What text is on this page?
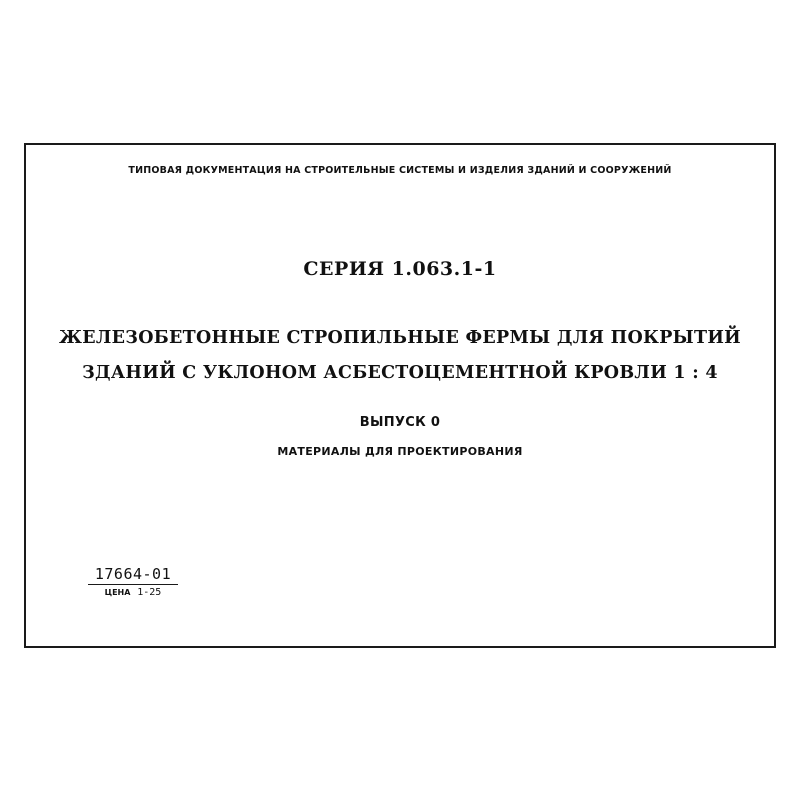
ТИПОВАЯ ДОКУМЕНТАЦИЯ НА СТРОИТЕЛЬНЫЕ СИСТЕМЫ И ИЗДЕЛИЯ ЗДАНИЙ И СООРУЖЕНИЙ
СЕРИЯ 1.063.1-1
ЖЕЛЕЗОБЕТОННЫЕ СТРОПИЛЬНЫЕ ФЕРМЫ ДЛЯ ПОКРЫТИЙ
ЗДАНИЙ С УКЛОНОМ АСБЕСТОЦЕМЕНТНОЙ КРОВЛИ 1 : 4
ВЫПУСК 0
МАТЕРИАЛЫ ДЛЯ ПРОЕКТИРОВАНИЯ
17664-01
ЦЕНА 1-25
